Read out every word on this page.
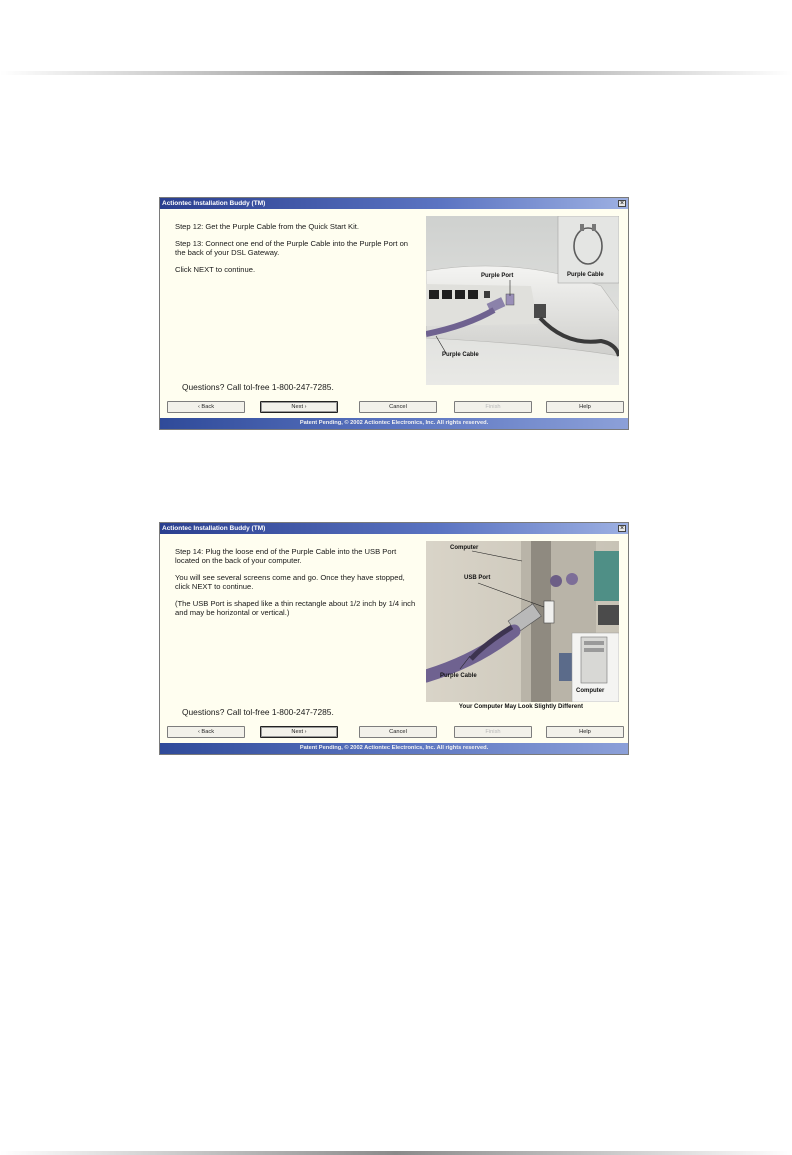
Actiontec Installation Buddy (TM)	×

Step 12: Get the Purple Cable from the Quick Start Kit.

Step 13: Connect one end of the Purple Cable into the Purple Port on the back of your DSL Gateway.

Click NEXT to continue.

Questions? Call tol-free 1-800-247-7285.
Purple Port	Purple Cable
Purple Cable
‹ Back	Next ›	Cancel	Finish	Help
Patent Pending, © 2002 Actiontec Electronics, Inc. All rights reserved.
Actiontec Installation Buddy (TM)	×

Step 14: Plug the loose end of the Purple Cable into the USB Port located on the back of your computer.

You will see several screens come and go. Once they have stopped, click NEXT to continue.

(The USB Port is shaped like a thin rectangle about 1/2 inch by 1/4 inch and may be horizontal or vertical.)

Questions? Call tol-free 1-800-247-7285.
Computer
USB Port
Purple Cable
Computer
Your Computer May Look Slightly Different
‹ Back	Next ›	Cancel	Finish	Help
Patent Pending, © 2002 Actiontec Electronics, Inc. All rights reserved.
